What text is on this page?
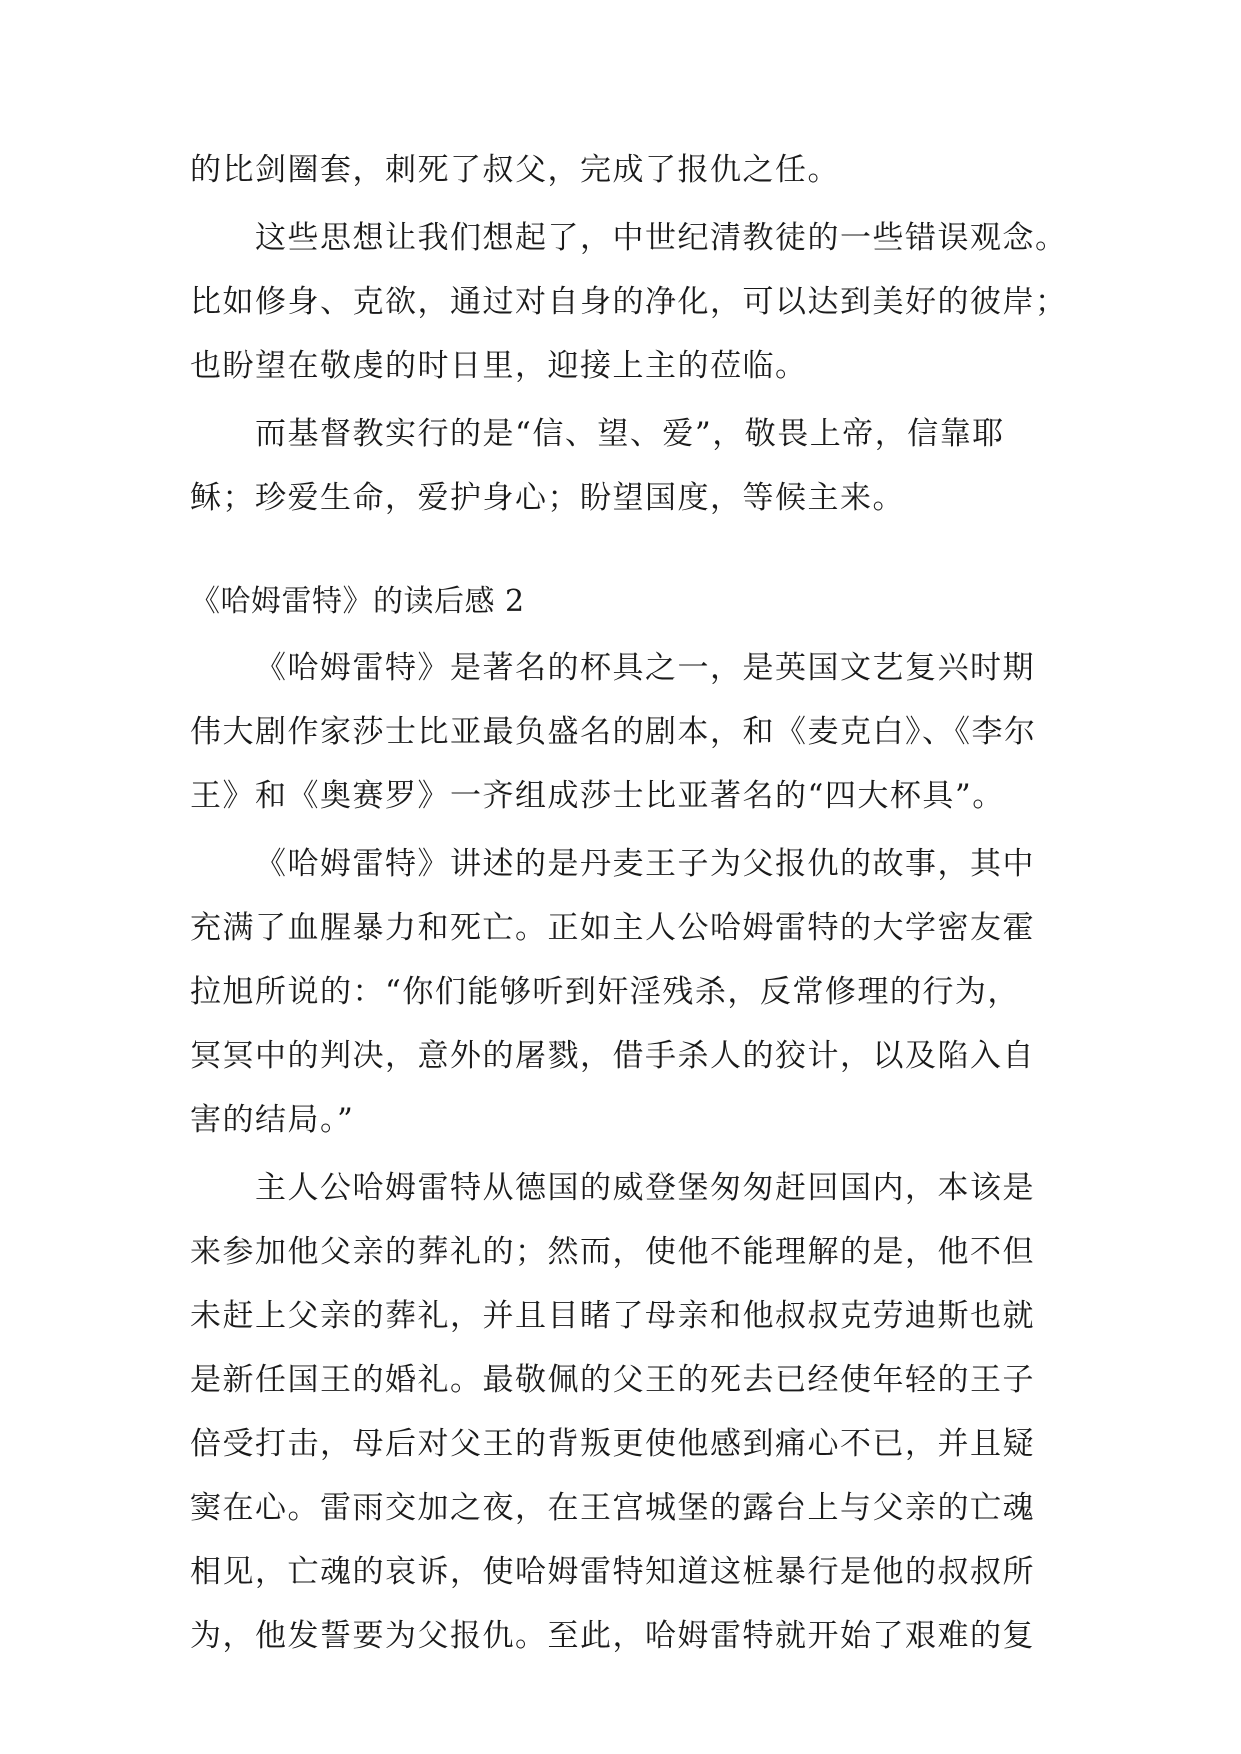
的比剑圈套，刺死了叔父，完成了报仇之任。
这些思想让我们想起了，中世纪清教徒的一些错误观念。
比如修身、克欲，通过对自身的净化，可以达到美好的彼岸；
也盼望在敬虔的时日里，迎接上主的莅临。
而基督教实行的是“信、望、爱”，敬畏上帝，信靠耶
稣；珍爱生命，爱护身心；盼望国度，等候主来。
《哈姆雷特》的读后感 2
《哈姆雷特》是著名的杯具之一，是英国文艺复兴时期
伟大剧作家莎士比亚最负盛名的剧本，和《麦克白》、《李尔
王》和《奥赛罗》一齐组成莎士比亚著名的“四大杯具”。
《哈姆雷特》讲述的是丹麦王子为父报仇的故事，其中
充满了血腥暴力和死亡。正如主人公哈姆雷特的大学密友霍
拉旭所说的：“你们能够听到奸淫残杀，反常修理的行为，
冥冥中的判决，意外的屠戮，借手杀人的狡计，以及陷入自
害的结局。”
主人公哈姆雷特从德国的威登堡匆匆赶回国内，本该是
来参加他父亲的葬礼的；然而，使他不能理解的是，他不但
未赶上父亲的葬礼，并且目睹了母亲和他叔叔克劳迪斯也就
是新任国王的婚礼。最敬佩的父王的死去已经使年轻的王子
倍受打击，母后对父王的背叛更使他感到痛心不已，并且疑
窦在心。雷雨交加之夜，在王宫城堡的露台上与父亲的亡魂
相见，亡魂的哀诉，使哈姆雷特知道这桩暴行是他的叔叔所
为，他发誓要为父报仇。至此，哈姆雷特就开始了艰难的复
